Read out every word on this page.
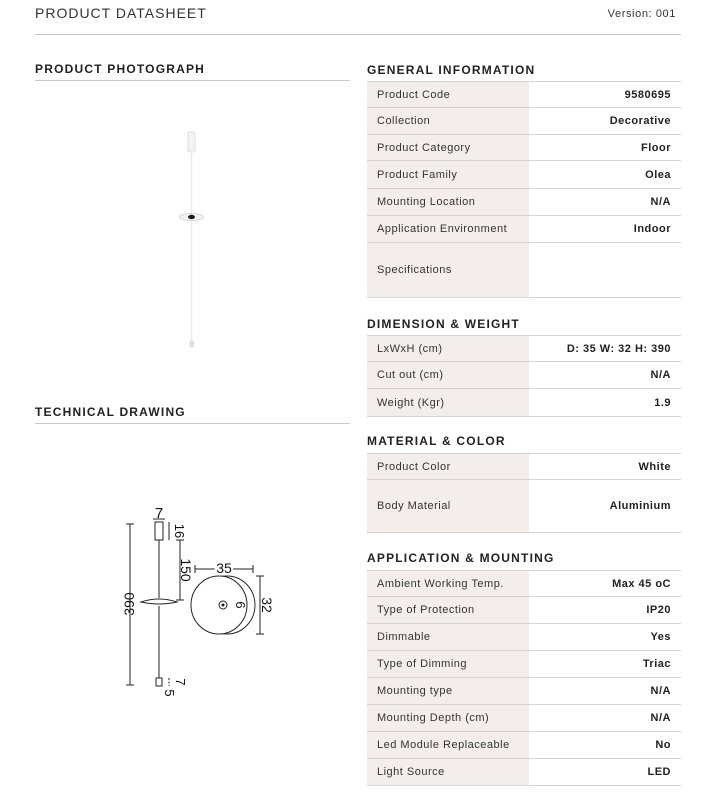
PRODUCT DATASHEET	Version: 001
PRODUCT PHOTOGRAPH
TECHNICAL DRAWING
7
35
390
150
16
9 32
5
7
GENERAL INFORMATION
Product Code	9580695
Collection	Decorative
Product Category	Floor
Product Family	Olea
Mounting Location	N/A
Application Environment	Indoor
Specifications
DIMENSION & WEIGHT
LxWxH (cm)	D: 35 W: 32 H: 390
Cut out (cm)	N/A
Weight (Kgr)	1.9
MATERIAL & COLOR
Product Color	White
Body Material	Aluminium
APPLICATION & MOUNTING
Ambient Working Temp.	Max 45 oC
Type of Protection	IP20
Dimmable	Yes
Type of Dimming	Triac
Mounting type	N/A
Mounting Depth (cm)	N/A
Led Module Replaceable	No
Light Source	LED
